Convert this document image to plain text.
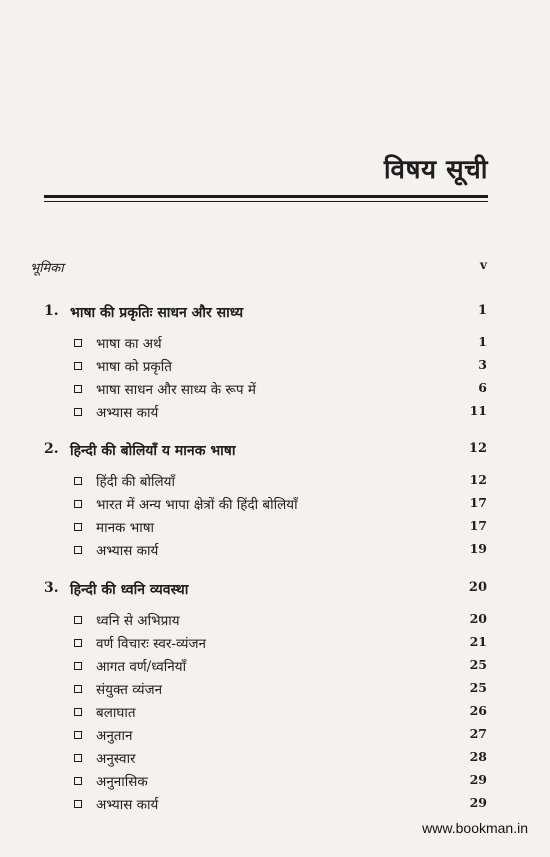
विषय सूची
भूमिका	v
1. भाषा की प्रकृतिः साधन और साध्य	1
भाषा का अर्थ	1
भाषा को प्रकृति	3
भाषा साधन और साध्य के रूप में	6
अभ्यास कार्य	11
2. हिन्दी की बोलियाँ य मानक भाषा	12
हिंदी की बोलियाँ	12
भारत में अन्य भापा क्षेत्रों की हिंदी बोलियाँ	17
मानक भाषा	17
अभ्यास कार्य	19
3. हिन्दी की ध्वनि व्यवस्था	20
ध्वनि से अभिप्राय	20
वर्ण विचारः स्वर-व्यंजन	21
आगत वर्ण/ध्वनियाँ	25
संयुक्त व्यंजन	25
बलाघात	26
अनुतान	27
अनुस्वार	28
अनुनासिक	29
अभ्यास कार्य	29
www.bookman.in
